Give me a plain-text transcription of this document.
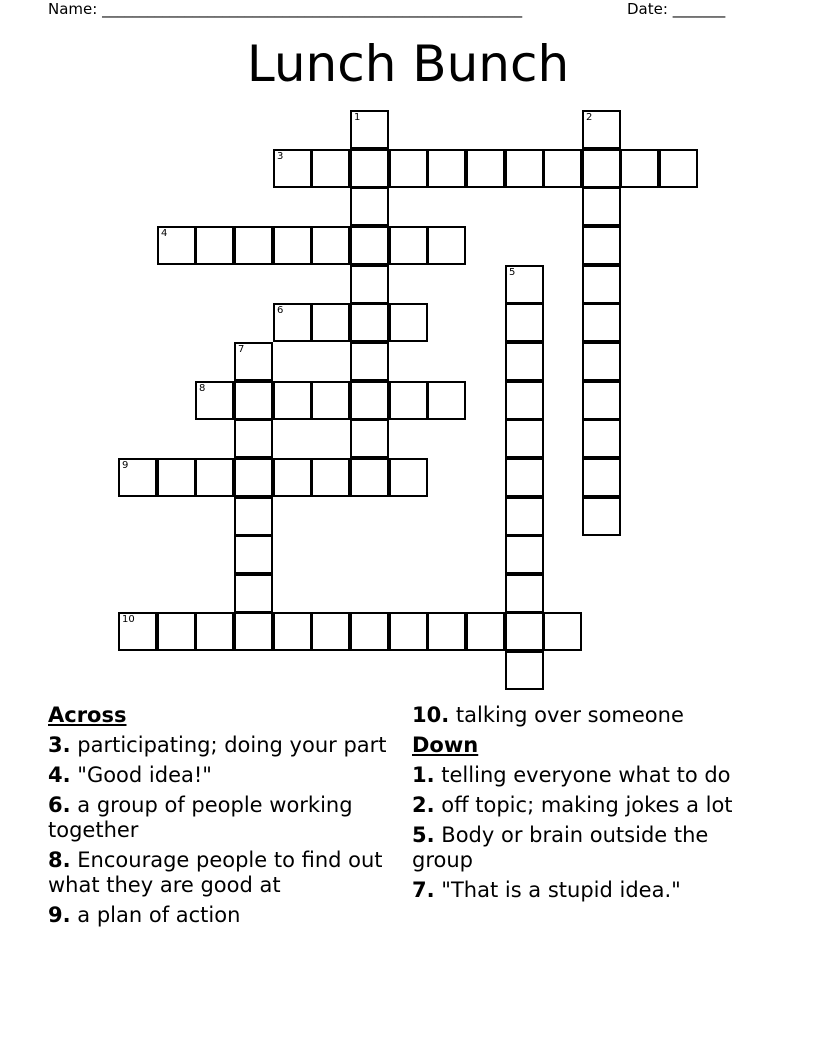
Name: ________________________________________________________	Date: _______
Lunch Bunch
1	2
3
4
5
6
7
8
9
10
Across
3. participating; doing your part
4. "Good idea!"
6. a group of people working together
8. Encourage people to find out what they are good at
9. a plan of action
10. talking over someone
Down
1. telling everyone what to do
2. off topic; making jokes a lot
5. Body or brain outside the group
7. "That is a stupid idea."
